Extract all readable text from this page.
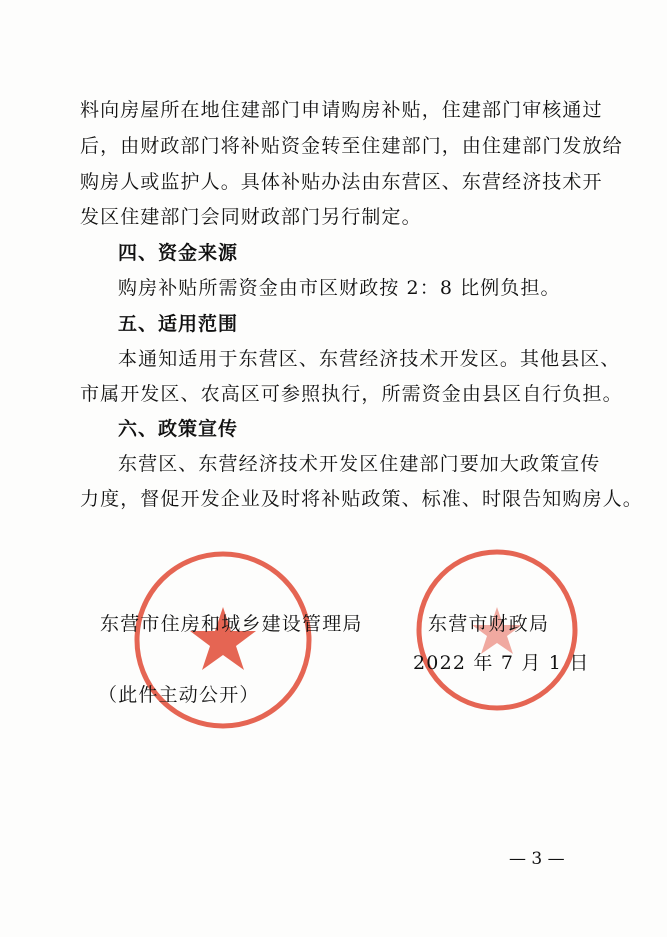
料向房屋所在地住建部门申请购房补贴，住建部门审核通过
后，由财政部门将补贴资金转至住建部门，由住建部门发放给
购房人或监护人。具体补贴办法由东营区、东营经济技术开
发区住建部门会同财政部门另行制定。
四、资金来源
购房补贴所需资金由市区财政按 2：8 比例负担。
五、适用范围
本通知适用于东营区、东营经济技术开发区。其他县区、
市属开发区、农高区可参照执行，所需资金由县区自行负担。
六、政策宣传
东营区、东营经济技术开发区住建部门要加大政策宣传
力度，督促开发企业及时将补贴政策、标准、时限告知购房人。
东营市住房和城乡建设管理局	东营市财政局
2022 年 7 月 1 日
（此件主动公开）
— 3 —
